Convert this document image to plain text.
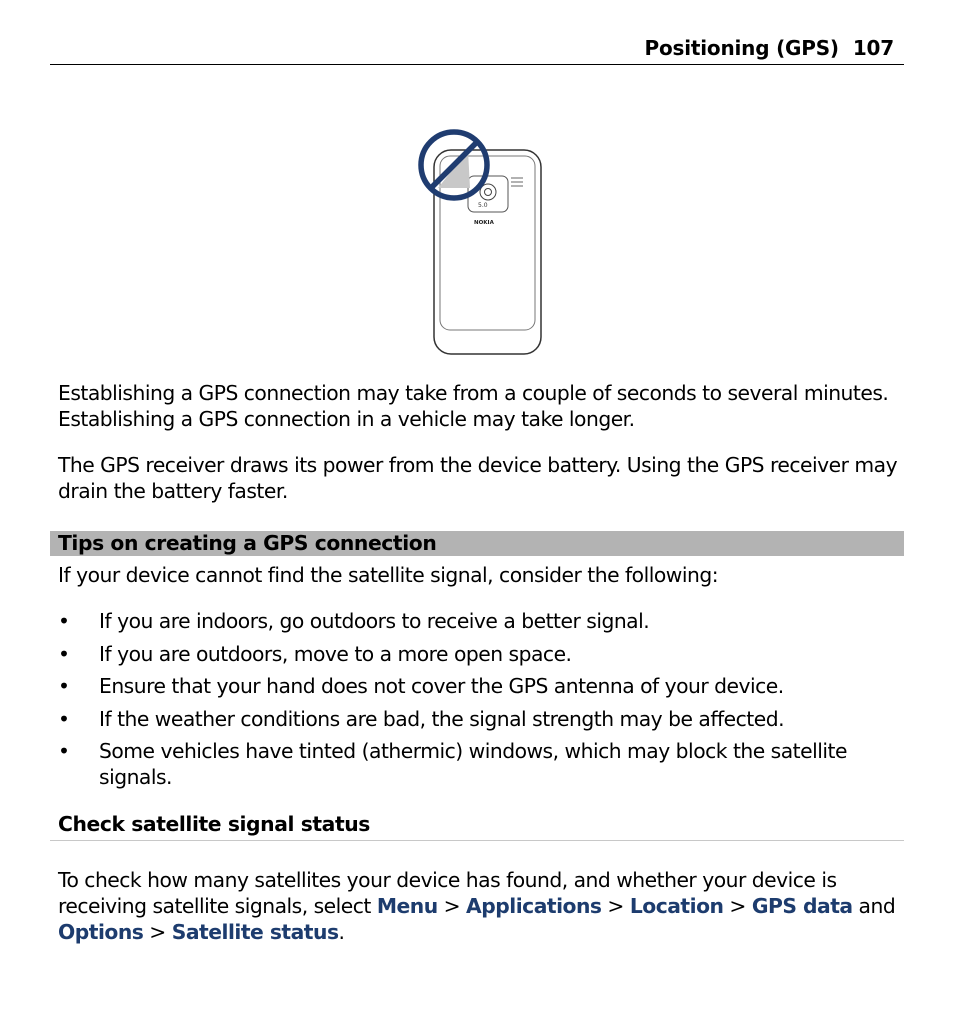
Positioning (GPS) 107
5.0
NOKIA
Establishing a GPS connection may take from a couple of seconds to several minutes. Establishing a GPS connection in a vehicle may take longer.
The GPS receiver draws its power from the device battery. Using the GPS receiver may drain the battery faster.
Tips on creating a GPS connection
If your device cannot find the satellite signal, consider the following:
• If you are indoors, go outdoors to receive a better signal.
• If you are outdoors, move to a more open space.
• Ensure that your hand does not cover the GPS antenna of your device.
• If the weather conditions are bad, the signal strength may be affected.
• Some vehicles have tinted (athermic) windows, which may block the satellite signals.
Check satellite signal status
To check how many satellites your device has found, and whether your device is receiving satellite signals, select Menu > Applications > Location > GPS data and Options > Satellite status.
